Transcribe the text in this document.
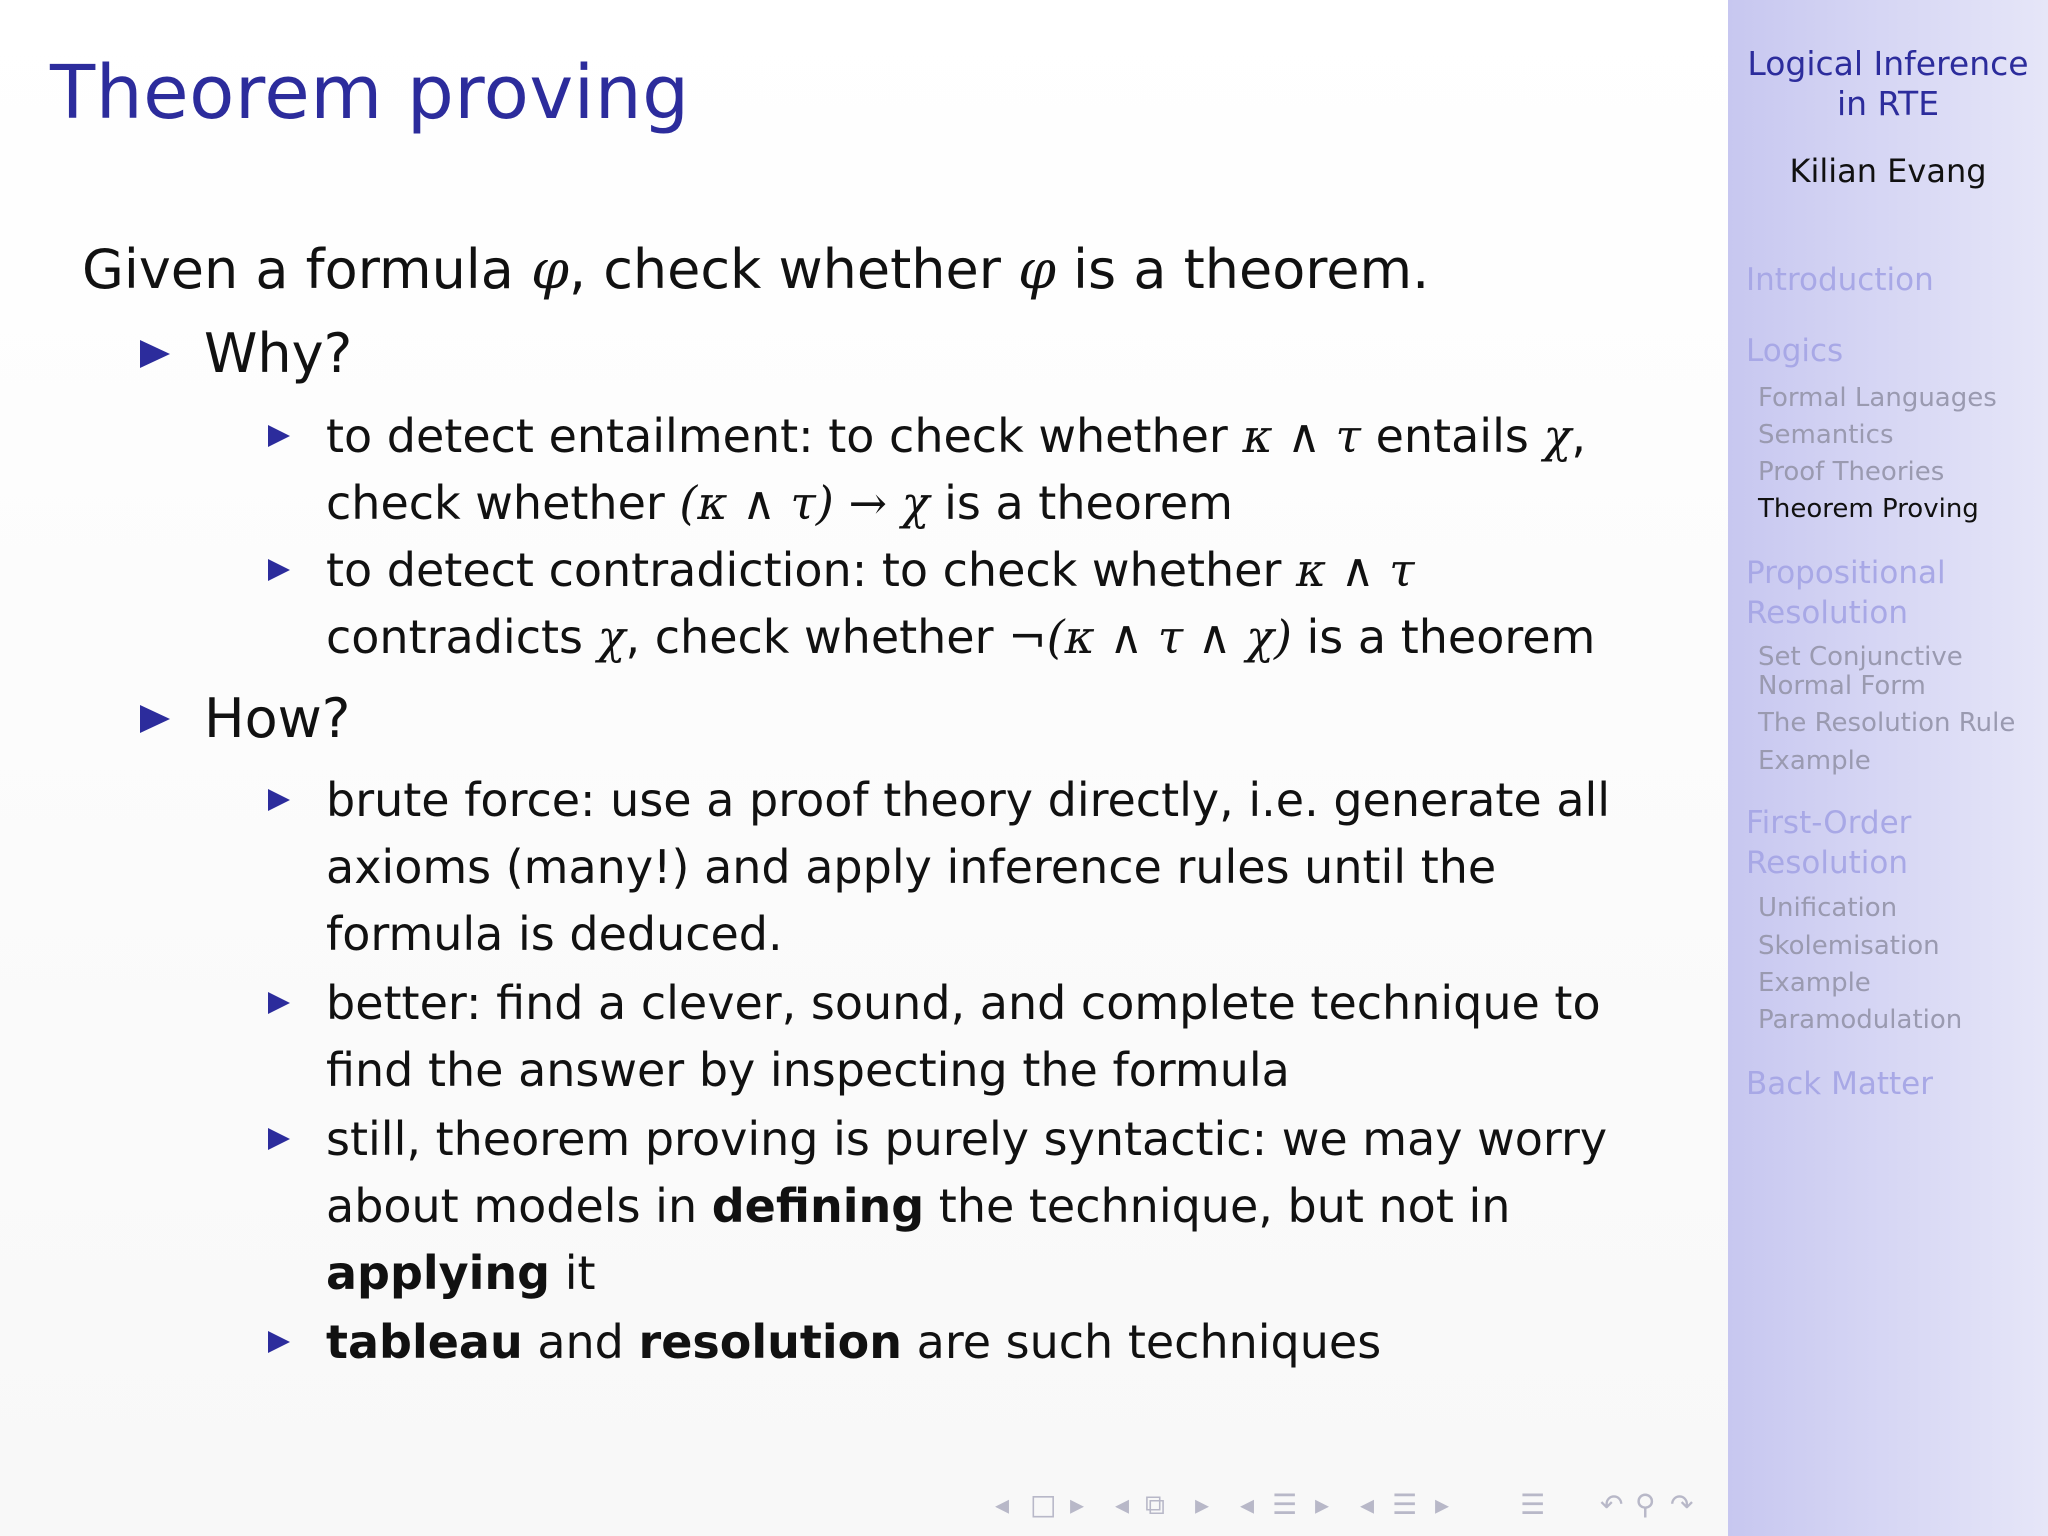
Theorem proving

Given a formula φ, check whether φ is a theorem.

Why?

to detect entailment: to check whether κ ∧ τ entails χ,

check whether (κ ∧ τ) → χ is a theorem

to detect contradiction: to check whether κ ∧ τ

contradicts χ, check whether ¬(κ ∧ τ ∧ χ) is a theorem

How?

brute force: use a proof theory directly, i.e. generate all

axioms (many!) and apply inference rules until the

formula is deduced.

better: find a clever, sound, and complete technique to

find the answer by inspecting the formula

still, theorem proving is purely syntactic: we may worry

about models in defining the technique, but not in

applying it

tableau and resolution are such techniques

◂ □ ▸ ◂ ⧉ ▸ ◂ ☰ ▸ ◂ ☰ ▸	☰ ↶ ⚲ ↷
Logical Inference
in RTE
Kilian Evang
Introduction
Logics
Formal Languages
Semantics
Proof Theories
Theorem Proving
Propositional
Resolution
Set Conjunctive
Normal Form
The Resolution Rule
Example
First-Order
Resolution
Unification
Skolemisation
Example
Paramodulation
Back Matter
